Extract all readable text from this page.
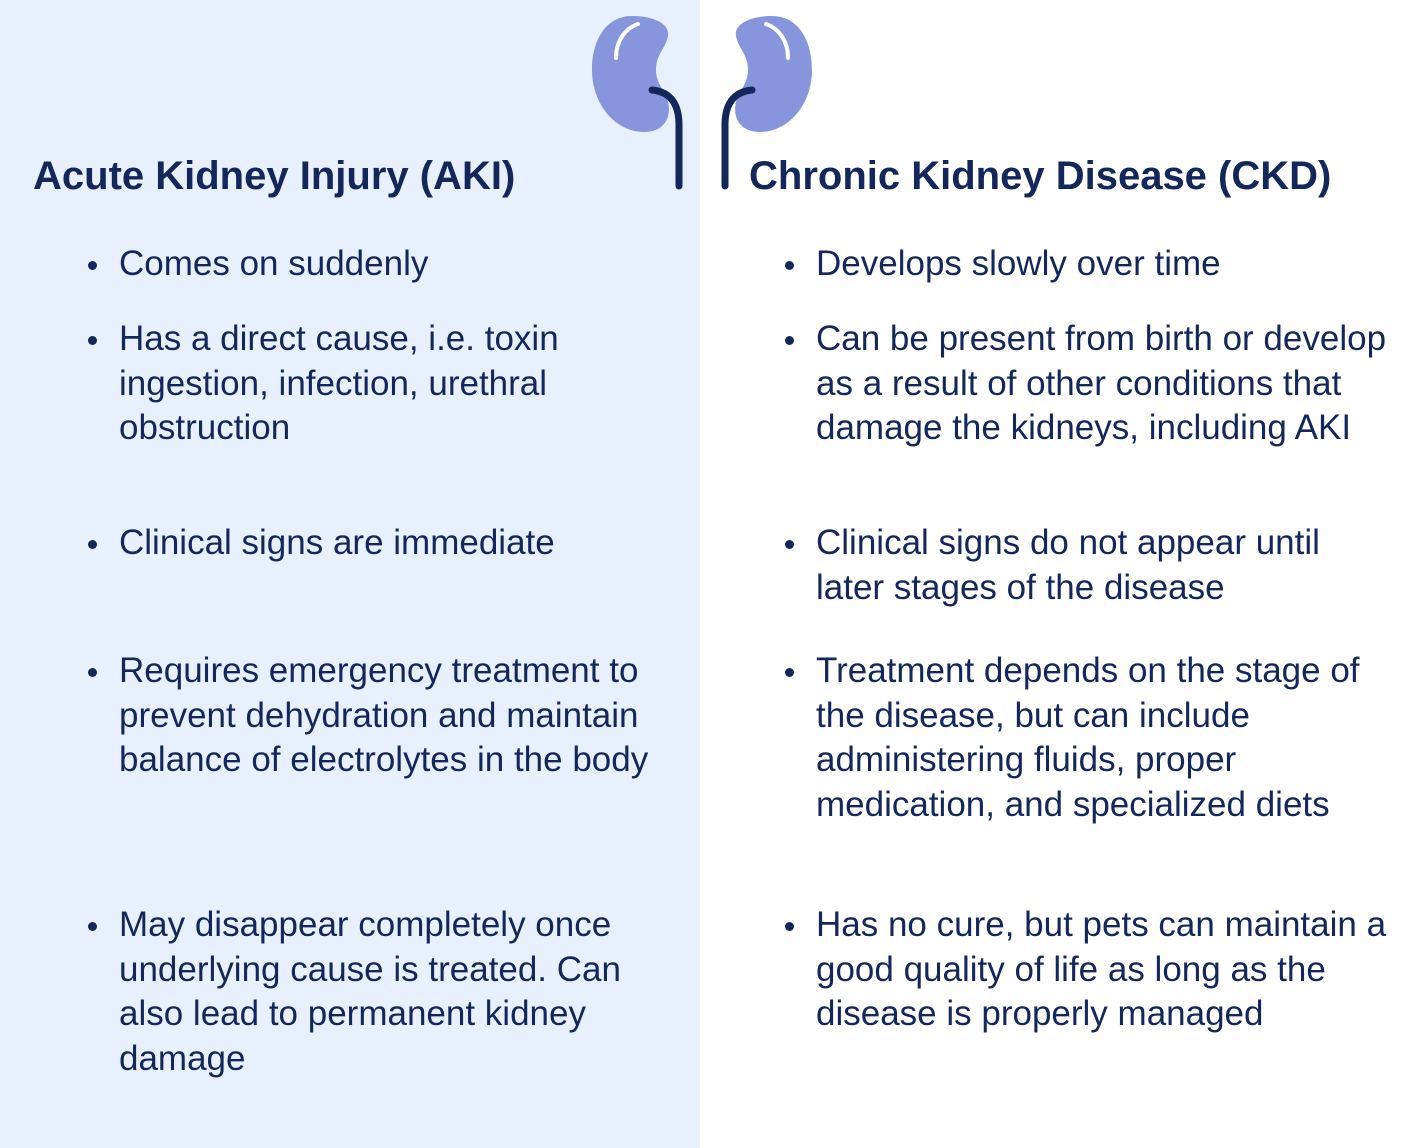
Acute Kidney Injury (AKI)	Chronic Kidney Disease (CKD)
Comes on suddenly
Has a direct cause, i.e. toxin ingestion, infection, urethral obstruction
Clinical signs are immediate
Requires emergency treatment to prevent dehydration and maintain balance of electrolytes in the body
May disappear completely once underlying cause is treated. Can also lead to permanent kidney damage
Develops slowly over time
Can be present from birth or develop as a result of other conditions that damage the kidneys, including AKI
Clinical signs do not appear until later stages of the disease
Treatment depends on the stage of the disease, but can include administering fluids, proper medication, and specialized diets
Has no cure, but pets can maintain a good quality of life as long as the disease is properly managed
